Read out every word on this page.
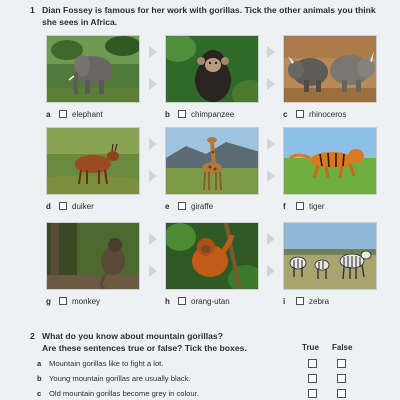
1 Dian Fossey is famous for her work with gorillas. Tick the other animals you think she sees in Africa.
a	elephant	b	chimpanzee	c	rhinoceros
d	duiker	e	giraffe	f	tiger
g	monkey	h	orang-utan	i	zebra
2 What do you know about mountain gorillas?
Are these sentences true or false? Tick the boxes.	True False
a Mountain gorillas like to fight a lot.
b Young mountain gorillas are usually black.
c Old mountain gorillas become grey in colour.
